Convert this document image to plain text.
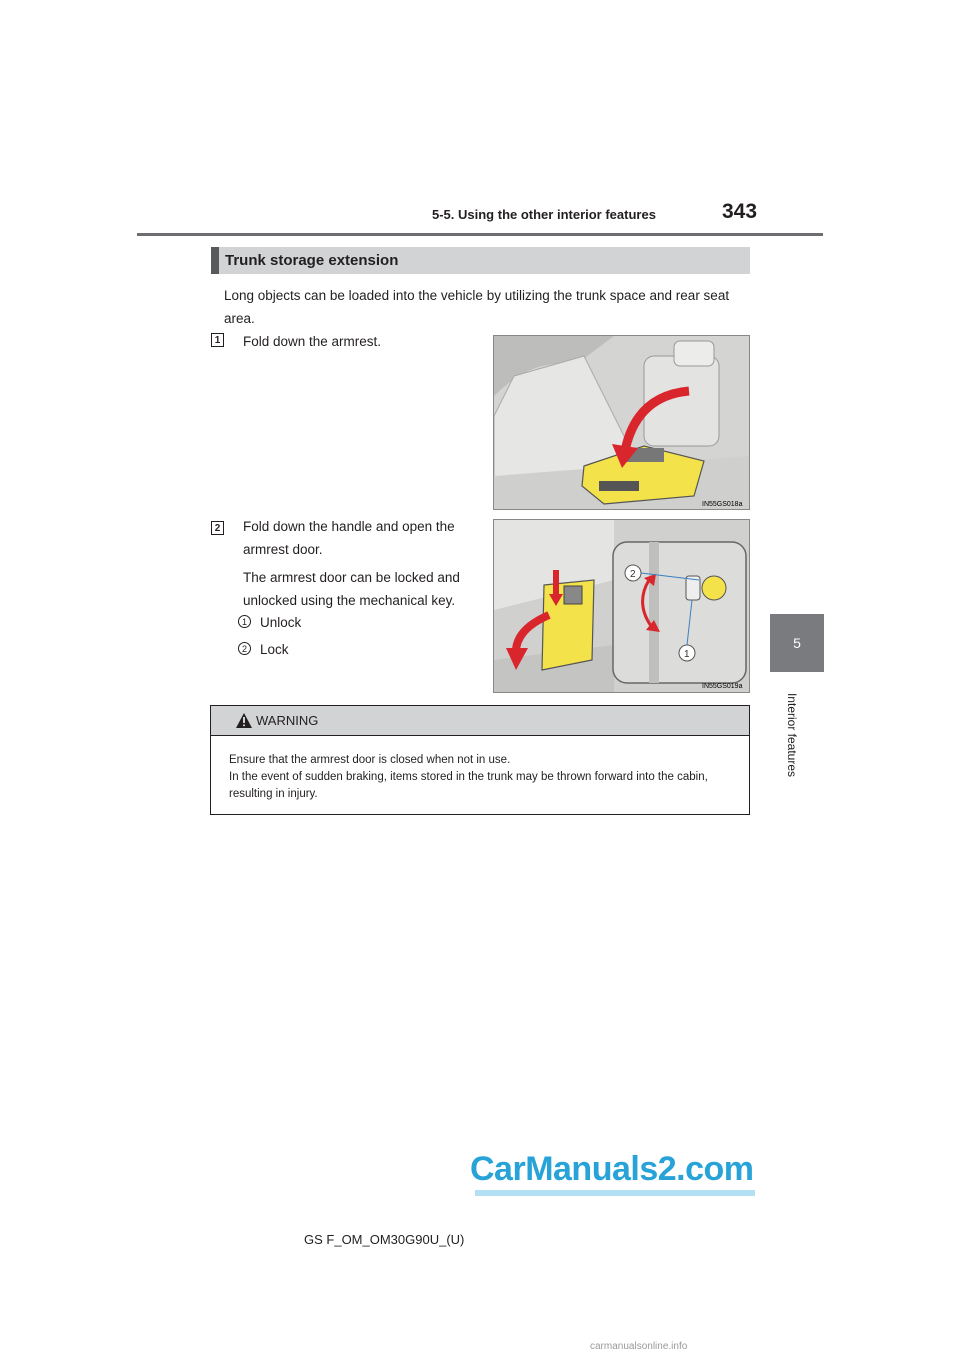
5-5. Using the other interior features	343
5
Interior features
Trunk storage extension
Long objects can be loaded into the vehicle by utilizing the trunk space and rear seat area.
1 Fold down the armrest.
IN55GS018a
2 Fold down the handle and open the armrest door.
The armrest door can be locked and unlocked using the mechanical key.
1 Unlock
2 Lock
2
1
IN55GS019a
WARNING
Ensure that the armrest door is closed when not in use.
In the event of sudden braking, items stored in the trunk may be thrown forward into the cabin, resulting in injury.
CarManuals2.com
GS F_OM_OM30G90U_(U)
carmanualsonline.info
